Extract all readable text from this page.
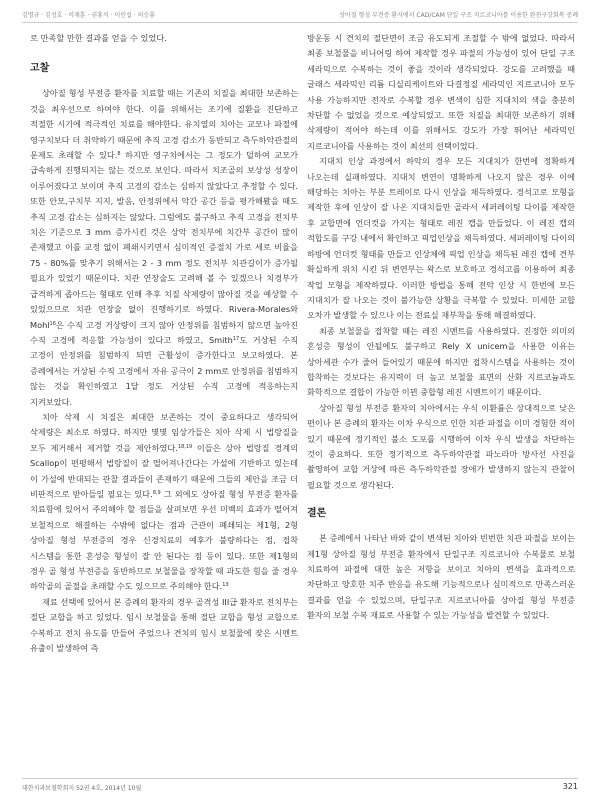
김명규 · 김성호 · 이재훈 · 권홍석 · 이인섭 · 허승룡	상아질 형성 부전증 환자에서 CAD/CAM 단일 구조 지르코니아를 이용한 완전구강회복 증례

로 만족할 만한 결과를 얻을 수 있었다.

고찰

상아질 형성 부전증 환자를 치료할 때는 기존의 치질을 최대한 보존하는 것을 최우선으로 하여야 한다. 이를 위해서는 조기에 질환을 진단하고 적절한 시기에 적극적인 치료를 해야한다. 유치열의 치아는 교모나 파절에 영구치보다 더 취약하기 때문에 추직 고경 감소가 동반되고 측두하악관절의 문제도 초래할 수 있다.$^8$ 하지만 영구치에서는 그 정도가 덜하여 교모가 급속하게 진행되지는 않는 것으로 보인다. 따라서 치조골의 보상성 성장이 이루어졌다고 보이며 추직 고경의 감소는 심하지 않았다고 추정할 수 있다. 또한 안모,구치부 지지, 발음, 안정위에서 악간 공간 등을 평가해봤을 때도 추직 고경 감소는 심하지는 않았다. 그럼에도 불구하고 추직 고경을 전치부 치은 기준으로 3 mm 증가시킨 것은 상악 전치부에 치간부 공간이 많이 존재했고 이를 교정 없이 폐쇄시키면서 심미적인 증절치 가로 세로 비율을 75 - 80%를 맞추기 위해서는 2 - 3 mm 정도 전치부 치관길이가 증가될 필요가 있었기 때문이다. 치관 연장술도 고려해 볼 수 있겠으나 치경부가 급격하게 좁아드는 형태로 인해 추후 치질 삭제량이 많아질 것을 예상할 수 있었으므로 치관 연장술 없이 진행하기로 하였다. Rivera-Morales와 Mohl$^{16}$은 수직 고경 거상량이 크지 않아 안정위를 침범하지 않으면 높아진 수직 고경에 적응할 가능성이 있다고 하였고, Smith$^{17}$도 거상된 수직 고경이 안정위를 침범하지 되면 근활성이 증가한다고 보고하였다. 본 증례에서는 거상된 수직 고경에서 자유 공극이 2 mm로 안정위를 침범하지 않는 것을 확인하였고 1달 정도 거상된 수직 고경에 적응하는지 지켜보았다.

치아 삭제 시 치질은 최대한 보존하는 것이 중요하다고 생각되어 삭제량은 최소로 하였다. 하지만 몇몇 임상가들은 치아 삭제 시 법랑질을 모두 제거해서 제거할 것을 제안하였다.$^{18,19}$ 이들은 상아 법랑질 경계의 Scallop이 편평해서 법랑질이 잘 떨어져나간다는 가설에 기반하고 있는데 이 가설에 반대되는 관찰 결과들이 존재하기 때문에 그들의 제안을 조금 더 비판적으로 받아들일 필요는 있다.$^{8,9}$ 그 외에도 상아질 형성 부전증 환자를 치료함에 있어서 주의해야 할 점들을 살펴보면 우선 미백의 효과가 떨어져 보철적으로 해결하는 수밖에 없다는 점과 근관이 폐쇄되는 제1형, 2형 상아질 형성 부전증의 경우 신경치료의 예후가 불량하다는 점, 접착 시스템을 통한 혼성층 형성이 잘 안 된다는 점 등이 있다. 또한 제1형의 경우 골 형성 부전증을 동반하므로 보철물을 장착할 때 과도한 힘을 줄 경우 하악골의 골절을 초래할 수도 있으므로 주의해야 한다.$^{13}$

재료 선택에 있어서 본 증례의 환자의 경우 골격성 III급 환자로 전치부는 절단 교합을 하고 있었다. 임시 보철물을 통해 절단 교합을 형성 교합으로 수복하고 전치 유도를 만들어 주었으나 견치의 임시 보철물에 잦은 시멘트 유출이 발생하여 측

방운동 시 견치의 절단면이 조금 유도되게 조절할 수 밖에 없었다. 따라서 최종 보철물을 비니어링 하여 제작할 경우 파절의 가능성이 있어 단일 구조 세라믹으로 수복하는 것이 좋을 것이라 생각되었다. 강도를 고려했을 때 글래스 세라믹인 리튬 디실리케이트와 다결정질 세라믹인 지르코니아 모두 사용 가능하지만 전자로 수복할 경우 변색이 심한 지대치의 색을 충분히 차단할 수 없었을 것으로 예상되었고. 또한 치질을 최대한 보존하기 위해 삭제량이 적어야 하는데 이를 위해서도 강도가 가장 뛰어난 세라믹인 지르코니아를 사용하는 것이 최선의 선택이었다.

지대치 인상 과정에서 하악의 경우 모든 지대치가 한번에 정확하게 나오는데 실패하였다. 지대치 변연이 명확하게 나오지 않은 경우 이에 해당하는 치아는 부분 트레이로 다시 인상을 채득하였다. 경석고로 모형을 제작한 후에 인상이 잘 나온 지대치들만 골라서 세퍼레이팅 다이를 제작한 후 교합면에 언더컷을 가지는 형태로 레진 캡을 만들었다. 이 레진 캡의 적합도를 구강 내에서 확인하고 픽업인상을 채득하였다. 세퍼레이팅 다이의 하방에 언더컷 형태를 만들고 인상체에 픽업 인상을 채득된 레진 캡에 견부 확실하게 위치 시킨 뒤 변연부는 왁스로 보호하고 경석고를 이용하여 최종 작업 모형을 제작하였다. 이러한 방법을 통해 전악 인상 시 한번에 모든 지대치가 잘 나오는 것이 불가능한 상황을 극복할 수 있었다. 미세한 교합 오차가 발생할 수 있으나 이는 전료실 재부착을 통해 해결하였다.

최종 보철물을 접착할 때는 레진 시멘트를 사용하였다. 진정한 의미의 혼성층 형성이 안될에도 불구하고 Rely X unicem을 사용한 이유는 상아세관 수가 줄어 들어있기 때문에 하지만 접착시스템을 사용하는 것이 합착하는 것보다는 유지력이 더 높고 보철물 표면의 산화 지르코늄과도 화학적으로 결합이 가능한 이뮌 중합형 레진 시멘트이기 때문이다.

상아질 형성 부전증 환자의 치아에서는 우식 이환률은 상대적으로 낮은 편이나 본 증례의 환자는 이차 우식으로 인한 치관 파절을 이미 경험한 적이 있기 때문에 정기적인 불소 도포를 시행하여 이차 우식 발생을 차단하는 것이 중요하다. 또한 정기적으로 측두하악관절 파노라마 방사선 사진을 촬영하여 교합 거상에 따른 측두하악관절 장애가 발생하지 않는지 관찰이 필요할 것으로 생각된다.

결론

본 증례에서 나타난 바와 같이 변색된 치아와 빈번한 치관 파절을 보이는 제1형 상아질 형성 부전증 환자에서 단일구조 지르코니아 수복물로 보철 치료하여 파절에 대한 높은 저항을 보이고 치아의 변색을 효과적으로 차단하고 양호한 치주 반응을 유도해 기능적으로나 심미적으로 만족스러운 결과를 얻을 수 있었으며, 단일구조 지르코니아를 상아질 형성 부전증 환자의 보철 수복 재료로 사용할 수 있는 가능성을 발견할 수 있었다.

대한치과보철학회지 52권 4호, 2014년 10월	321
